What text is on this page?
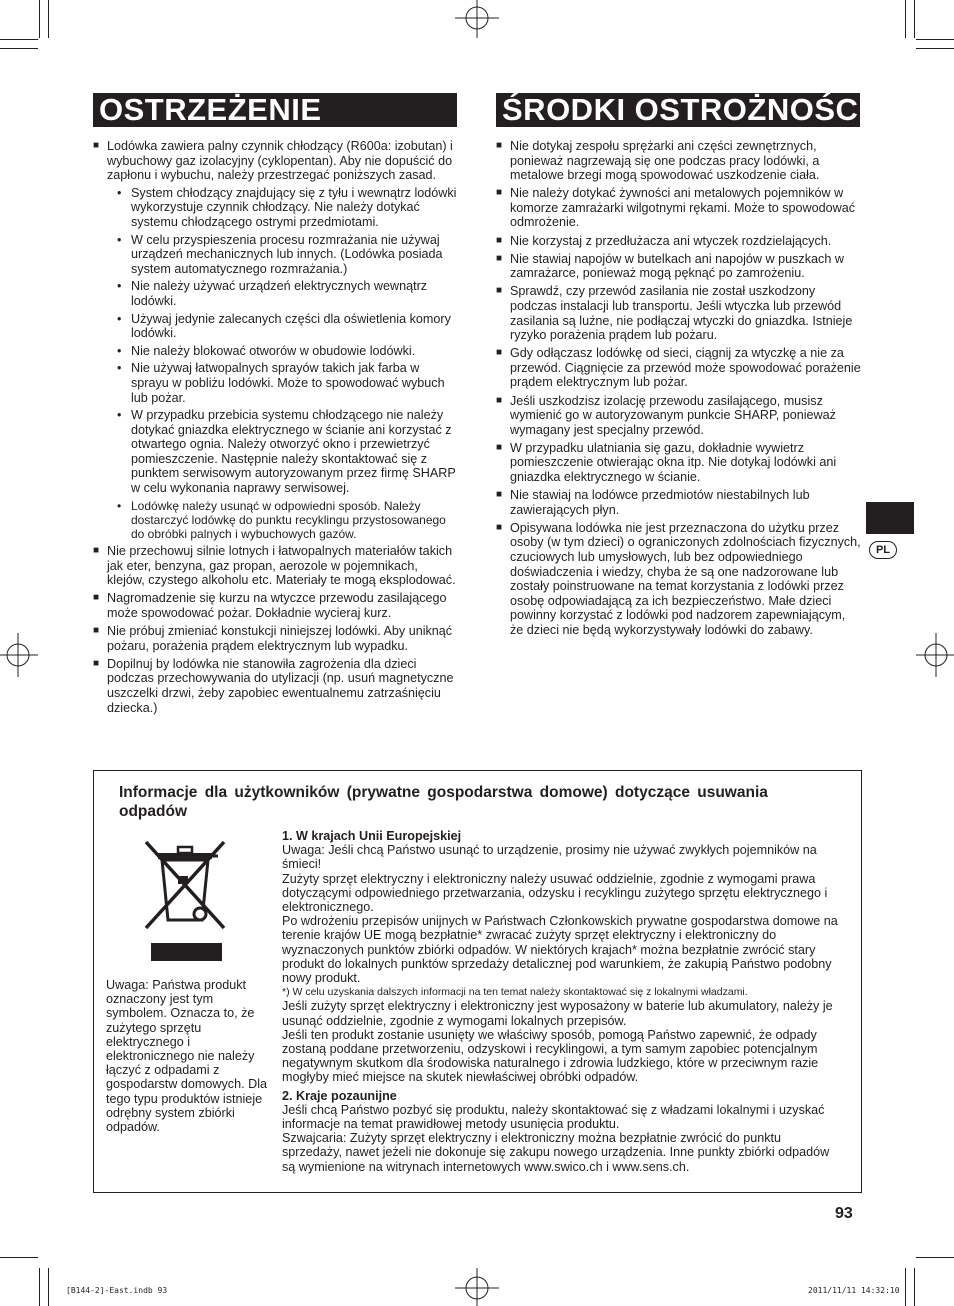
OSTRZEŻENIE
■ Lodówka zawiera palny czynnik chłodzący (R600a: izobutan) i wybuchowy gaz izolacyjny (cyklopentan). Aby nie dopuścić do zapłonu i wybuchu, należy przestrzegać poniższych zasad.
• System chłodzący znajdujący się z tyłu i wewnątrz lodówki wykorzystuje czynnik chłodzący. Nie należy dotykać systemu chłodzącego ostrymi przedmiotami.
• W celu przyspieszenia procesu rozmrażania nie używaj urządzeń mechanicznych lub innych. (Lodówka posiada system automatycznego rozmrażania.)
• Nie należy używać urządzeń elektrycznych wewnątrz lodówki.
• Używaj jedynie zalecanych części dla oświetlenia komory lodówki.
• Nie należy blokować otworów w obudowie lodówki.
• Nie używaj łatwopalnych sprayów takich jak farba w sprayu w pobliżu lodówki. Może to spowodować wybuch lub pożar.
• W przypadku przebicia systemu chłodzącego nie należy dotykać gniazdka elektrycznego w ścianie ani korzystać z otwartego ognia. Należy otworzyć okno i przewietrzyć pomieszczenie. Następnie należy skontaktować się z punktem serwisowym autoryzowanym przez firmę SHARP w celu wykonania naprawy serwisowej.
• Lodówkę należy usunąć w odpowiedni sposób. Należy dostarczyć lodówkę do punktu recyklingu przystosowanego do obróbki palnych i wybuchowych gazów.
■ Nie przechowuj silnie lotnych i łatwopalnych materiałów takich jak eter, benzyna, gaz propan, aerozole w pojemnikach, klejów, czystego alkoholu etc. Materiały te mogą eksplodować.
■ Nagromadzenie się kurzu na wtyczce przewodu zasilającego może spowodować pożar. Dokładnie wycieraj kurz.
■ Nie próbuj zmieniać konstukcji niniejszej lodówki. Aby uniknąć pożaru, porażenia prądem elektrycznym lub wypadku.
■ Dopilnuj by lodówka nie stanowiła zagrożenia dla dzieci podczas przechowywania do utylizacji (np. usuń magnetyczne uszczelki drzwi, żeby zapobiec ewentualnemu zatrzaśnięciu dziecka.)
ŚRODKI OSTROŻNOŚCI
■ Nie dotykaj zespołu sprężarki ani części zewnętrznych, ponieważ nagrzewają się one podczas pracy lodówki, a metalowe brzegi mogą spowodować uszkodzenie ciała.
■ Nie należy dotykać żywności ani metalowych pojemników w komorze zamrażarki wilgotnymi rękami. Może to spowodować odmrożenie.
■ Nie korzystaj z przedłużacza ani wtyczek rozdzielających.
■ Nie stawiaj napojów w butelkach ani napojów w puszkach w zamrażarce, ponieważ mogą pęknąć po zamrożeniu.
■ Sprawdź, czy przewód zasilania nie został uszkodzony podczas instalacji lub transportu. Jeśli wtyczka lub przewód zasilania są luźne, nie podłączaj wtyczki do gniazdka. Istnieje ryzyko porażenia prądem lub pożaru.
■ Gdy odłączasz lodówkę od sieci, ciągnij za wtyczkę a nie za przewód. Ciągnięcie za przewód może spowodować porażenie prądem elektrycznym lub pożar.
■ Jeśli uszkodzisz izolację przewodu zasilającego, musisz wymienić go w autoryzowanym punkcie SHARP, ponieważ wymagany jest specjalny przewód.
■ W przypadku ulatniania się gazu, dokładnie wywietrz pomieszczenie otwierając okna itp. Nie dotykaj lodówki ani gniazdka elektrycznego w ścianie.
■ Nie stawiaj na lodówce przedmiotów niestabilnych lub zawierających płyn.
■ Opisywana lodówka nie jest przeznaczona do użytku przez osoby (w tym dzieci) o ograniczonych zdolnościach fizycznych, czuciowych lub umysłowych, lub bez odpowiedniego doświadczenia i wiedzy, chyba że są one nadzorowane lub zostały poinstruowane na temat korzystania z lodówki przez osobę odpowiadającą za ich bezpieczeństwo. Małe dzieci powinny korzystać z lodówki pod nadzorem zapewniającym, że dzieci nie będą wykorzystywały lodówki do zabawy.
PL
Informacje dla użytkowników (prywatne gospodarstwa domowe) dotyczące usuwania odpadów
Uwaga: Państwa produkt oznaczony jest tym symbolem. Oznacza to, że zużytego sprzętu elektrycznego i elektronicznego nie należy łączyć z odpadami z gospodarstw domowych. Dla tego typu produktów istnieje odrębny system zbiórki odpadów.

1. W krajach Unii Europejskiej

Uwaga: Jeśli chcą Państwo usunąć to urządzenie, prosimy nie używać zwykłych pojemników na śmieci!

Zużyty sprzęt elektryczny i elektroniczny należy usuwać oddzielnie, zgodnie z wymogami prawa dotyczącymi odpowiedniego przetwarzania, odzysku i recyklingu zużytego sprzętu elektrycznego i elektronicznego.

Po wdrożeniu przepisów unijnych w Państwach Członkowskich prywatne gospodarstwa domowe na terenie krajów UE mogą bezpłatnie* zwracać zużyty sprzęt elektryczny i elektroniczny do wyznaczonych punktów zbiórki odpadów. W niektórych krajach* można bezpłatnie zwrócić stary produkt do lokalnych punktów sprzedaży detalicznej pod warunkiem, że zakupią Państwo podobny nowy produkt.

*) W celu uzyskania dalszych informacji na ten temat należy skontaktować się z lokalnymi władzami.

Jeśli zużyty sprzęt elektryczny i elektroniczny jest wyposażony w baterie lub akumulatory, należy je usunąć oddzielnie, zgodnie z wymogami lokalnych przepisów.

Jeśli ten produkt zostanie usunięty we właściwy sposób, pomogą Państwo zapewnić, że odpady zostaną poddane przetworzeniu, odzyskowi i recyklingowi, a tym samym zapobiec potencjalnym negatywnym skutkom dla środowiska naturalnego i zdrowia ludzkiego, które w przeciwnym razie mogłyby mieć miejsce na skutek niewłaściwej obróbki odpadów.

2. Kraje pozaunijne

Jeśli chcą Państwo pozbyć się produktu, należy skontaktować się z władzami lokalnymi i uzyskać informacje na temat prawidłowej metody usunięcia produktu.

Szwajcaria: Zużyty sprzęt elektryczny i elektroniczny można bezpłatnie zwrócić do punktu sprzedaży, nawet jeżeli nie dokonuje się zakupu nowego urządzenia. Inne punkty zbiórki odpadów są wymienione na witrynach internetowych www.swico.ch i www.sens.ch.

93
[B144-2]-East.indb 93	2011/11/11 14:32:10
